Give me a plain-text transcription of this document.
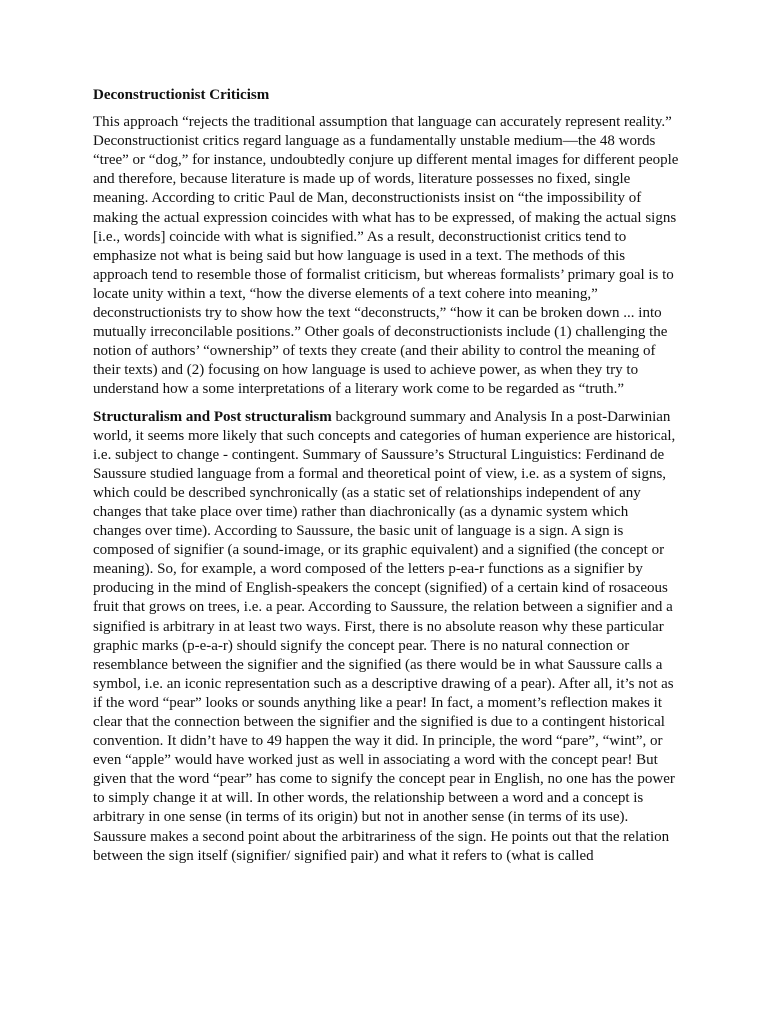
Deconstructionist Criticism

This approach “rejects the traditional assumption that language can accurately represent reality.” Deconstructionist critics regard language as a fundamentally unstable medium—the 48 words “tree” or “dog,” for instance, undoubtedly conjure up different mental images for different people and therefore, because literature is made up of words, literature possesses no fixed, single meaning. According to critic Paul de Man, deconstructionists insist on “the impossibility of making the actual expression coincides with what has to be expressed, of making the actual signs [i.e., words] coincide with what is signified.” As a result, deconstructionist critics tend to emphasize not what is being said but how language is used in a text. The methods of this approach tend to resemble those of formalist criticism, but whereas formalists’ primary goal is to locate unity within a text, “how the diverse elements of a text cohere into meaning,” deconstructionists try to show how the text “deconstructs,” “how it can be broken down ... into mutually irreconcilable positions.” Other goals of deconstructionists include (1) challenging the notion of authors’ “ownership” of texts they create (and their ability to control the meaning of their texts) and (2) focusing on how language is used to achieve power, as when they try to understand how a some interpretations of a literary work come to be regarded as “truth.”

Structuralism and Post structuralism background summary and Analysis In a post-Darwinian world, it seems more likely that such concepts and categories of human experience are historical, i.e. subject to change - contingent. Summary of Saussure’s Structural Linguistics: Ferdinand de Saussure studied language from a formal and theoretical point of view, i.e. as a system of signs, which could be described synchronically (as a static set of relationships independent of any changes that take place over time) rather than diachronically (as a dynamic system which changes over time). According to Saussure, the basic unit of language is a sign. A sign is composed of signifier (a sound-image, or its graphic equivalent) and a signified (the concept or meaning). So, for example, a word composed of the letters p-ea-r functions as a signifier by producing in the mind of English-speakers the concept (signified) of a certain kind of rosaceous fruit that grows on trees, i.e. a pear. According to Saussure, the relation between a signifier and a signified is arbitrary in at least two ways. First, there is no absolute reason why these particular graphic marks (p-e-a-r) should signify the concept pear. There is no natural connection or resemblance between the signifier and the signified (as there would be in what Saussure calls a symbol, i.e. an iconic representation such as a descriptive drawing of a pear). After all, it’s not as if the word “pear” looks or sounds anything like a pear! In fact, a moment’s reflection makes it clear that the connection between the signifier and the signified is due to a contingent historical convention. It didn’t have to 49 happen the way it did. In principle, the word “pare”, “wint”, or even “apple” would have worked just as well in associating a word with the concept pear! But given that the word “pear” has come to signify the concept pear in English, no one has the power to simply change it at will. In other words, the relationship between a word and a concept is arbitrary in one sense (in terms of its origin) but not in another sense (in terms of its use). Saussure makes a second point about the arbitrariness of the sign. He points out that the relation between the sign itself (signifier/ signified pair) and what it refers to (what is called
